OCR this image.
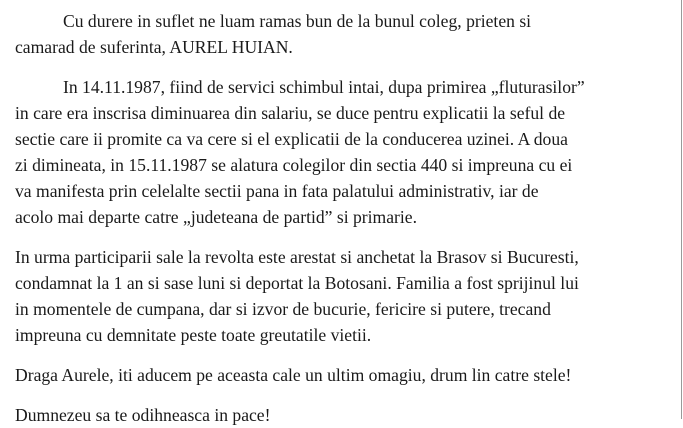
Cu durere in suflet ne luam ramas bun de la bunul coleg, prieten si
camarad de suferinta, AUREL HUIAN.

In 14.11.1987, fiind de servici schimbul intai, dupa primirea „fluturasilor”
in care era inscrisa diminuarea din salariu, se duce pentru explicatii la seful de
sectie care ii promite ca va cere si el explicatii de la conducerea uzinei. A doua
zi dimineata, in 15.11.1987 se alatura colegilor din sectia 440 si impreuna cu ei
va manifesta prin celelalte sectii pana in fata palatului administrativ, iar de
acolo mai departe catre „judeteana de partid” si primarie.

In urma participarii sale la revolta este arestat si anchetat la Brasov si Bucuresti,
condamnat la 1 an si sase luni si deportat la Botosani. Familia a fost sprijinul lui
in momentele de cumpana, dar si izvor de bucurie, fericire si putere, trecand
impreuna cu demnitate peste toate greutatile vietii.

Draga Aurele, iti aducem pe aceasta cale un ultim omagiu, drum lin catre stele!

Dumnezeu sa te odihneasca in pace!
